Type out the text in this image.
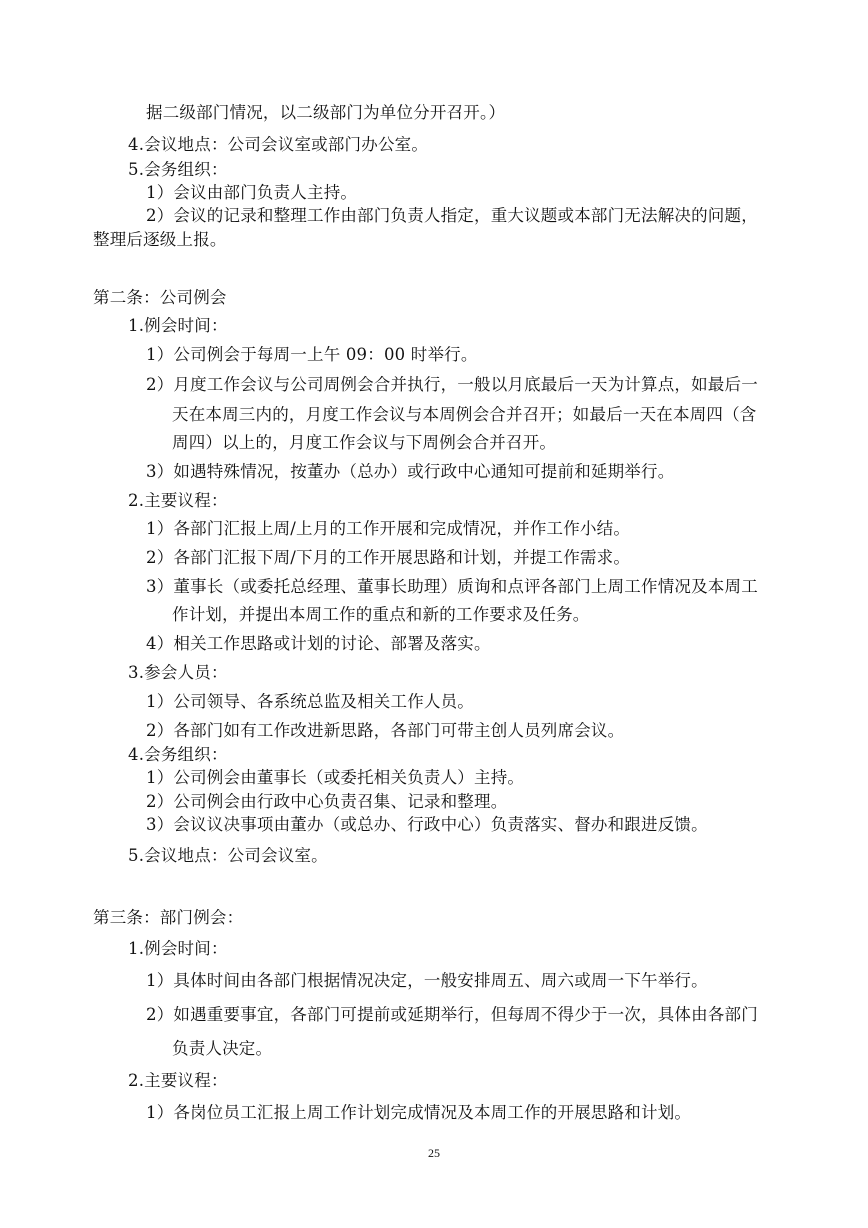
据二级部门情况，以二级部门为单位分开召开。）
4.会议地点：公司会议室或部门办公室。
5.会务组织：
1）会议由部门负责人主持。
2）会议的记录和整理工作由部门负责人指定，重大议题或本部门无法解决的问题，
整理后逐级上报。
第二条：公司例会
1.例会时间：
1）公司例会于每周一上午 09：00 时举行。
2）月度工作会议与公司周例会合并执行，一般以月底最后一天为计算点，如最后一
天在本周三内的，月度工作会议与本周例会合并召开；如最后一天在本周四（含
周四）以上的，月度工作会议与下周例会合并召开。
3）如遇特殊情况，按董办（总办）或行政中心通知可提前和延期举行。
2.主要议程：
1）各部门汇报上周/上月的工作开展和完成情况，并作工作小结。
2）各部门汇报下周/下月的工作开展思路和计划，并提工作需求。
3）董事长（或委托总经理、董事长助理）质询和点评各部门上周工作情况及本周工
作计划，并提出本周工作的重点和新的工作要求及任务。
4）相关工作思路或计划的讨论、部署及落实。
3.参会人员：
1）公司领导、各系统总监及相关工作人员。
2）各部门如有工作改进新思路，各部门可带主创人员列席会议。
4.会务组织：
1）公司例会由董事长（或委托相关负责人）主持。
2）公司例会由行政中心负责召集、记录和整理。
3）会议议决事项由董办（或总办、行政中心）负责落实、督办和跟进反馈。
5.会议地点：公司会议室。
第三条：部门例会：
1.例会时间：
1）具体时间由各部门根据情况决定，一般安排周五、周六或周一下午举行。
2）如遇重要事宜，各部门可提前或延期举行，但每周不得少于一次，具体由各部门
负责人决定。
2.主要议程：
1）各岗位员工汇报上周工作计划完成情况及本周工作的开展思路和计划。
25
